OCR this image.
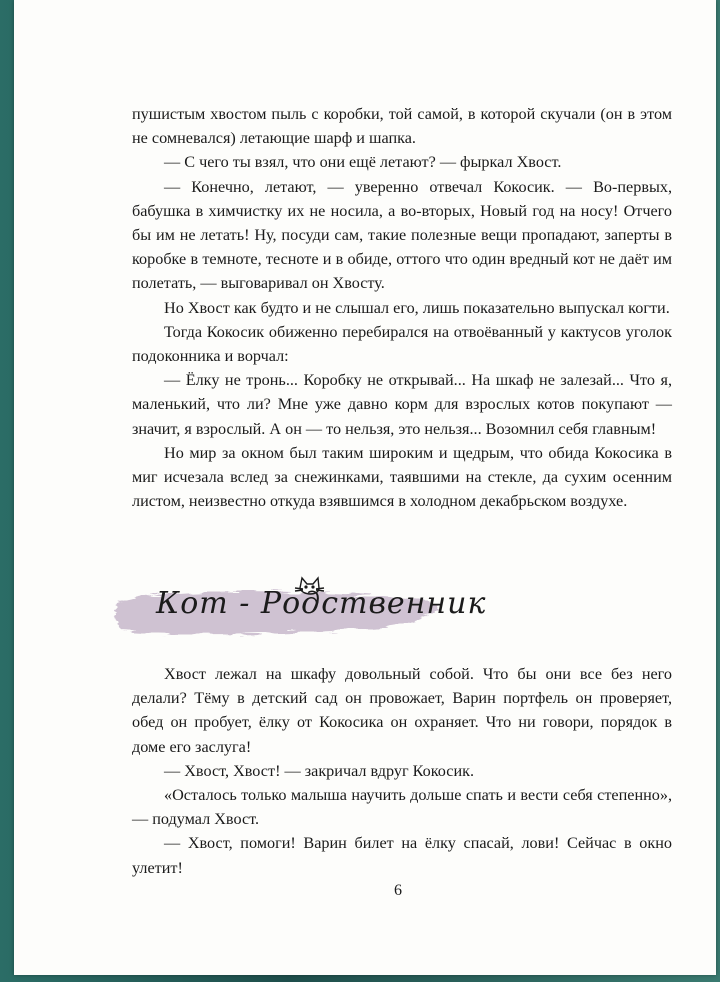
пушистым хвостом пыль с коробки, той самой, в которой скучали (он в этом не сомневался) летающие шарф и шапка.

— С чего ты взял, что они ещё летают? — фыркал Хвост.

— Конечно, летают, — уверенно отвечал Кокосик. — Во-первых, бабушка в химчистку их не носила, а во-вторых, Новый год на носу! Отчего бы им не летать! Ну, посуди сам, такие полезные вещи пропадают, заперты в коробке в темноте, тесноте и в обиде, оттого что один вредный кот не даёт им полетать, — выговаривал он Хвосту.

Но Хвост как будто и не слышал его, лишь показательно выпускал когти.

Тогда Кокосик обиженно перебирался на отвоёванный у кактусов уголок подоконника и ворчал:

— Ёлку не тронь... Коробку не открывай... На шкаф не залезай... Что я, маленький, что ли? Мне уже давно корм для взрослых котов покупают — значит, я взрослый. А он — то нельзя, это нельзя... Возомнил себя главным!

Но мир за окном был таким широким и щедрым, что обида Кокосика в миг исчезала вслед за снежинками, таявшими на стекле, да сухим осенним листом, неизвестно откуда взявшимся в холодном декабрьском воздухе.

Кот - Родственник

Хвост лежал на шкафу довольный собой. Что бы они все без него делали? Тёму в детский сад он провожает, Варин портфель он проверяет, обед он пробует, ёлку от Кокосика он охраняет. Что ни говори, порядок в доме его заслуга!

— Хвост, Хвост! — закричал вдруг Кокосик.

«Осталось только малыша научить дольше спать и вести себя степенно», — подумал Хвост.

— Хвост, помоги! Варин билет на ёлку спасай, лови! Сейчас в окно улетит!

6
